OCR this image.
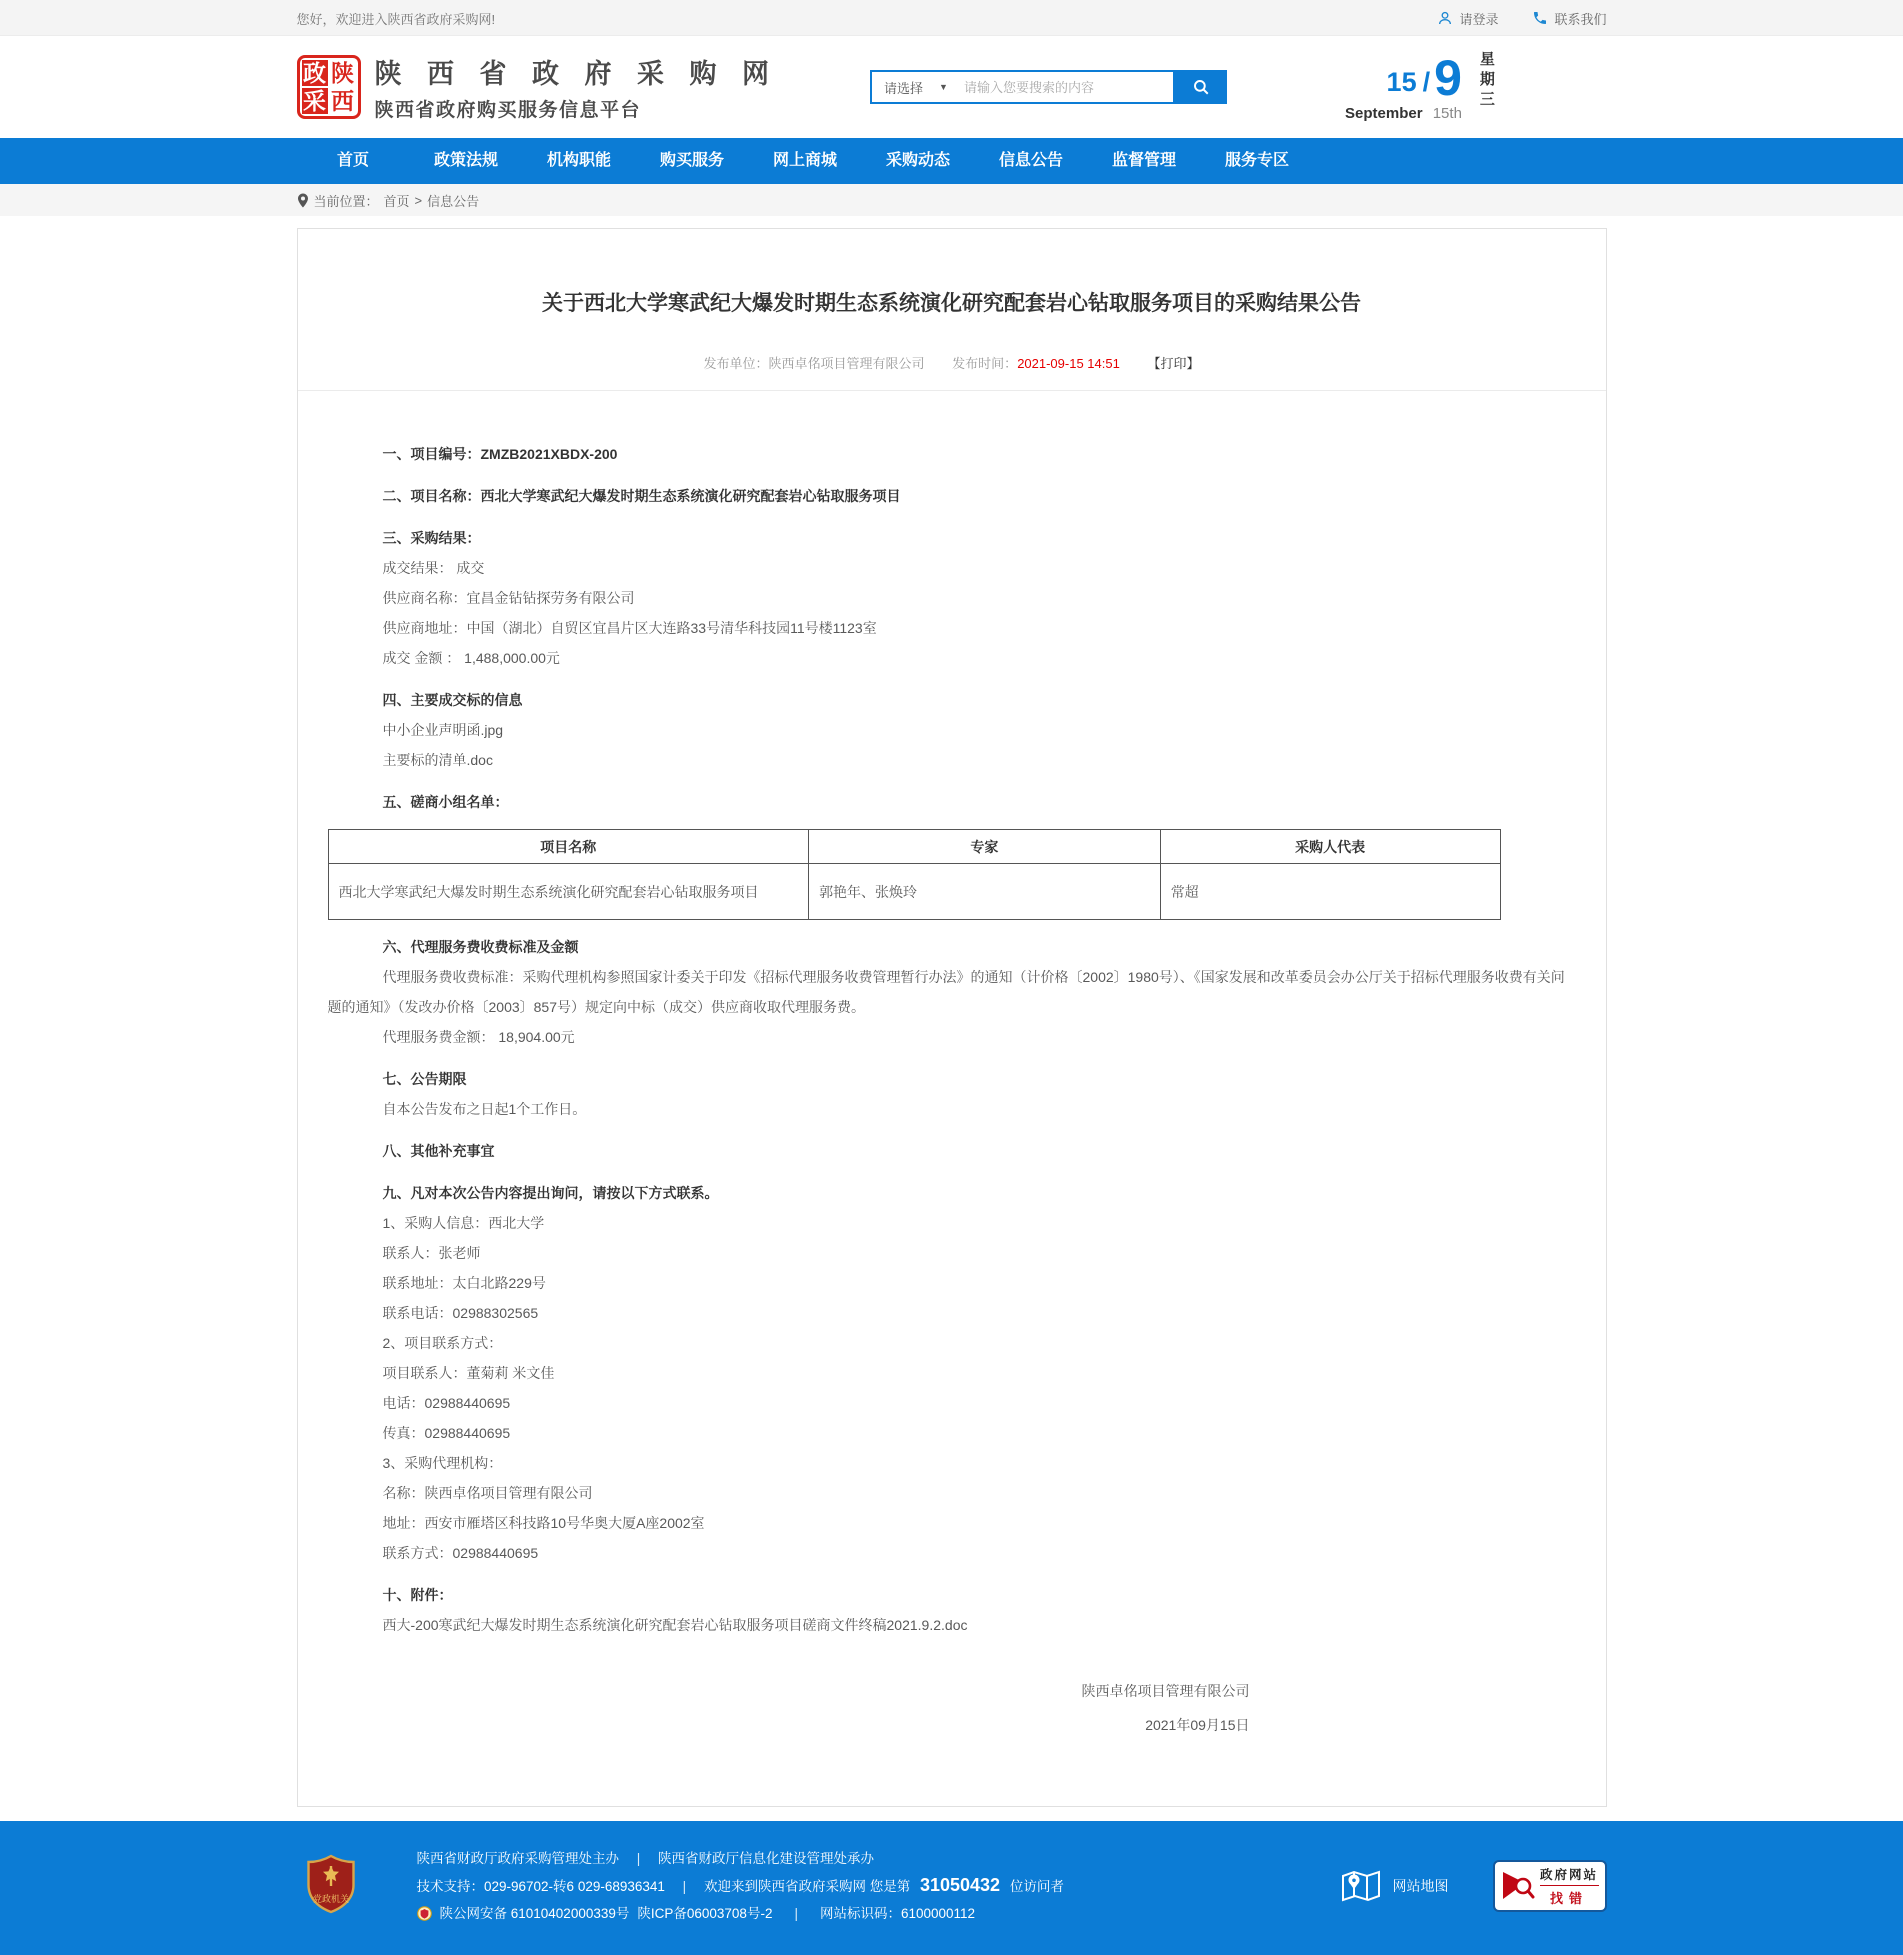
您好，欢迎进入陕西省政府采购网!	请登录	联系我们
政 陕
采 西
陕 西 省 政 府 采 购 网
陕西省政府购买服务信息平台
请选择 ▼
请输入您要搜索的内容	15 / 9
September 15th
星期三
首页	政策法规	机构职能	购买服务	网上商城	采购动态	信息公告	监督管理	服务专区
当前位置： 首页 > 信息公告
关于西北大学寒武纪大爆发时期生态系统演化研究配套岩心钻取服务项目的采购结果公告
发布单位：陕西卓佲项目管理有限公司 发布时间：2021-09-15 14:51 【打印】

一、项目编号：ZMZB2021XBDX-200

二、项目名称：西北大学寒武纪大爆发时期生态系统演化研究配套岩心钻取服务项目

三、采购结果：

成交结果： 成交

供应商名称：宜昌金钻钻探劳务有限公司

供应商地址：中国（湖北）自贸区宜昌片区大连路33号清华科技园11号楼1123室

成交 金额 ： 1,488,000.00元

四、主要成交标的信息

中小企业声明函.jpg

主要标的清单.doc

五、磋商小组名单：

项目名称	专家	采购人代表
西北大学寒武纪大爆发时期生态系统演化研究配套岩心钻取服务项目	郭艳年、张焕玲	常超

六、代理服务费收费标准及金额

代理服务费收费标准：采购代理机构参照国家计委关于印发《招标代理服务收费管理暂行办法》的通知（计价格〔2002〕1980号）、《国家发展和改革委员会办公厅关于招标代理服务收费有关问题的通知》（发改办价格〔2003〕857号）规定向中标（成交）供应商收取代理服务费。

代理服务费金额： 18,904.00元

七、公告期限

自本公告发布之日起1个工作日。

八、其他补充事宜

九、凡对本次公告内容提出询问，请按以下方式联系。

1、采购人信息：西北大学

联系人：张老师

联系地址：太白北路229号

联系电话：02988302565

2、项目联系方式：

项目联系人：董菊莉 米文佳

电话：02988440695

传真：02988440695

3、采购代理机构：

名称：陕西卓佲项目管理有限公司

地址：西安市雁塔区科技路10号华奥大厦A座2002室

联系方式：02988440695

十、附件：

西大-200寒武纪大爆发时期生态系统演化研究配套岩心钻取服务项目磋商文件终稿2021.9.2.doc

陕西卓佲项目管理有限公司
2021年09月15日
党政机关
陕西省财政厅政府采购管理处主办 | 陕西省财政厅信息化建设管理处承办
技术支持：029-96702-转6 029-68936341 | 欢迎来到陕西省政府采购网 您是第 31050432 位访问者
陕公网安备 61010402000339号 陕ICP备06003708号-2 | 网站标识码：6100000112
网站地图
政府网站
找错
